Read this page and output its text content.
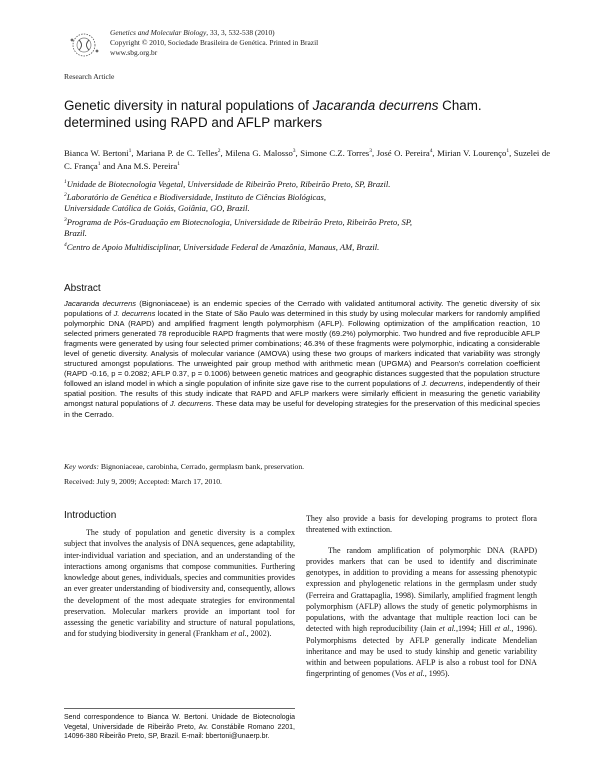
Genetics and Molecular Biology, 33, 3, 532-538 (2010)
Copyright © 2010, Sociedade Brasileira de Genética. Printed in Brazil
www.sbg.org.br
Research Article
Genetic diversity in natural populations of Jacaranda decurrens Cham. determined using RAPD and AFLP markers
Bianca W. Bertoni$^1$, Mariana P. de C. Telles$^2$, Milena G. Malosso$^3$, Simone C.Z. Torres$^3$, José O. Pereira$^4$, Mirian V. Lourenço$^1$, Suzelei de C. França$^1$ and Ana M.S. Pereira$^1$
$^1$Unidade de Biotecnologia Vegetal, Universidade de Ribeirão Preto, Ribeirão Preto, SP, Brazil.
$^2$Laboratório de Genética e Biodiversidade, Instituto de Ciências Biológicas,
Universidade Católica de Goiás, Goiânia, GO, Brazil.
$^3$Programa de Pós-Graduação em Biotecnologia, Universidade de Ribeirão Preto, Ribeirão Preto, SP,
Brazil.
$^4$Centro de Apoio Multidisciplinar, Universidade Federal de Amazônia, Manaus, AM, Brazil.
Abstract
Jacaranda decurrens (Bignoniaceae) is an endemic species of the Cerrado with validated antitumoral activity. The genetic diversity of six populations of J. decurrens located in the State of São Paulo was determined in this study by using molecular markers for randomly amplified polymorphic DNA (RAPD) and amplified fragment length polymorphism (AFLP). Following optimization of the amplification reaction, 10 selected primers generated 78 reproducible RAPD fragments that were mostly (69.2%) polymorphic. Two hundred and five reproducible AFLP fragments were generated by using four selected primer combinations; 46.3% of these fragments were polymorphic, indicating a considerable level of genetic diversity. Analysis of molecular variance (AMOVA) using these two groups of markers indicated that variability was strongly structured amongst populations. The unweighted pair group method with arithmetic mean (UPGMA) and Pearson's correlation coefficient (RAPD -0.16, p = 0.2082; AFLP 0.37, p = 0.1006) between genetic matrices and geographic distances suggested that the population structure followed an island model in which a single population of infinite size gave rise to the current populations of J. decurrens, independently of their spatial position. The results of this study indicate that RAPD and AFLP markers were similarly efficient in measuring the genetic variability amongst natural populations of J. decurrens. These data may be useful for developing strategies for the preservation of this medicinal species in the Cerrado.
Key words: Bignoniaceae, carobinha, Cerrado, germplasm bank, preservation.
Received: July 9, 2009; Accepted: March 17, 2010.
Introduction

The study of population and genetic diversity is a complex subject that involves the analysis of DNA sequences, gene adaptability, inter-individual variation and speciation, and an understanding of the interactions among organisms that compose communities. Furthering knowledge about genes, individuals, species and communities provides an ever greater understanding of biodiversity and, consequently, allows the development of the most adequate strategies for environmental preservation. Molecular markers provide an important tool for assessing the genetic variability and structure of natural populations, and for studying biodiversity in general (Frankham et al., 2002).

Send correspondence to Bianca W. Bertoni. Unidade de Biotecnologia Vegetal, Universidade de Ribeirão Preto, Av. Constábile Romano 2201, 14096-380 Ribeirão Preto, SP, Brazil. E-mail: bbertoni@unaerp.br.

They also provide a basis for developing programs to protect flora threatened with extinction.

The random amplification of polymorphic DNA (RAPD) provides markers that can be used to identify and discriminate genotypes, in addition to providing a means for assessing phenotypic expression and phylogenetic relations in the germplasm under study (Ferreira and Grattapaglia, 1998). Similarly, amplified fragment length polymorphism (AFLP) allows the study of genetic polymorphisms in populations, with the advantage that multiple reaction loci can be detected with high reproducibility (Jain et al.,1994; Hill et al., 1996). Polymorphisms detected by AFLP generally indicate Mendelian inheritance and may be used to study kinship and genetic variability within and between populations. AFLP is also a robust tool for DNA fingerprinting of genomes (Vos et al., 1995).
